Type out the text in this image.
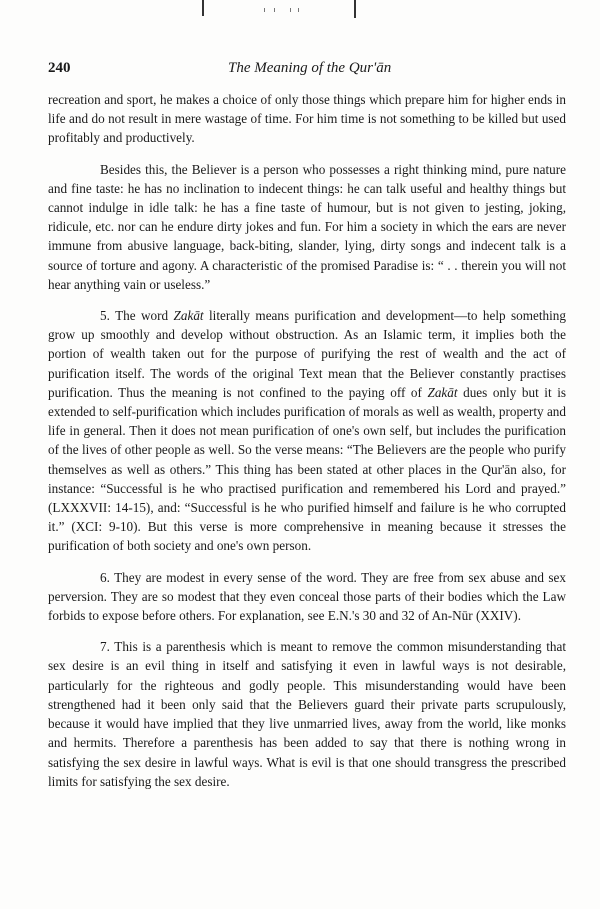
240	The Meaning of the Qur'ān

recreation and sport, he makes a choice of only those things which prepare him for higher ends in life and do not result in mere wastage of time. For him time is not something to be killed but used profitably and productively.

Besides this, the Believer is a person who possesses a right thinking mind, pure nature and fine taste: he has no inclination to indecent things: he can talk useful and healthy things but cannot indulge in idle talk: he has a fine taste of humour, but is not given to jesting, joking, ridicule, etc. nor can he endure dirty jokes and fun. For him a society in which the ears are never immune from abusive language, back-biting, slander, lying, dirty songs and indecent talk is a source of torture and agony. A characteristic of the promised Paradise is: “ . . therein you will not hear anything vain or useless.”

5. The word Zakāt literally means purification and development—to help something grow up smoothly and develop without obstruction. As an Islamic term, it implies both the portion of wealth taken out for the purpose of purifying the rest of wealth and the act of purification itself. The words of the original Text mean that the Believer constantly practises purification. Thus the meaning is not confined to the paying off of Zakāt dues only but it is extended to self-purification which includes purification of morals as well as wealth, property and life in general. Then it does not mean purification of one's own self, but includes the purification of the lives of other people as well. So the verse means: “The Believers are the people who purify themselves as well as others.” This thing has been stated at other places in the Qur'ān also, for instance: “Successful is he who practised purification and remembered his Lord and prayed.” (LXXXVII: 14-15), and: “Successful is he who purified himself and failure is he who corrupted it.” (XCI: 9-10). But this verse is more comprehensive in meaning because it stresses the purification of both society and one's own person.

6. They are modest in every sense of the word. They are free from sex abuse and sex perversion. They are so modest that they even conceal those parts of their bodies which the Law forbids to expose before others. For explanation, see E.N.'s 30 and 32 of An-Nūr (XXIV).

7. This is a parenthesis which is meant to remove the common misunderstanding that sex desire is an evil thing in itself and satisfying it even in lawful ways is not desirable, particularly for the righteous and godly people. This misunderstanding would have been strengthened had it been only said that the Believers guard their private parts scrupulously, because it would have implied that they live unmarried lives, away from the world, like monks and hermits. Therefore a parenthesis has been added to say that there is nothing wrong in satisfying the sex desire in lawful ways. What is evil is that one should transgress the prescribed limits for satisfying the sex desire.
